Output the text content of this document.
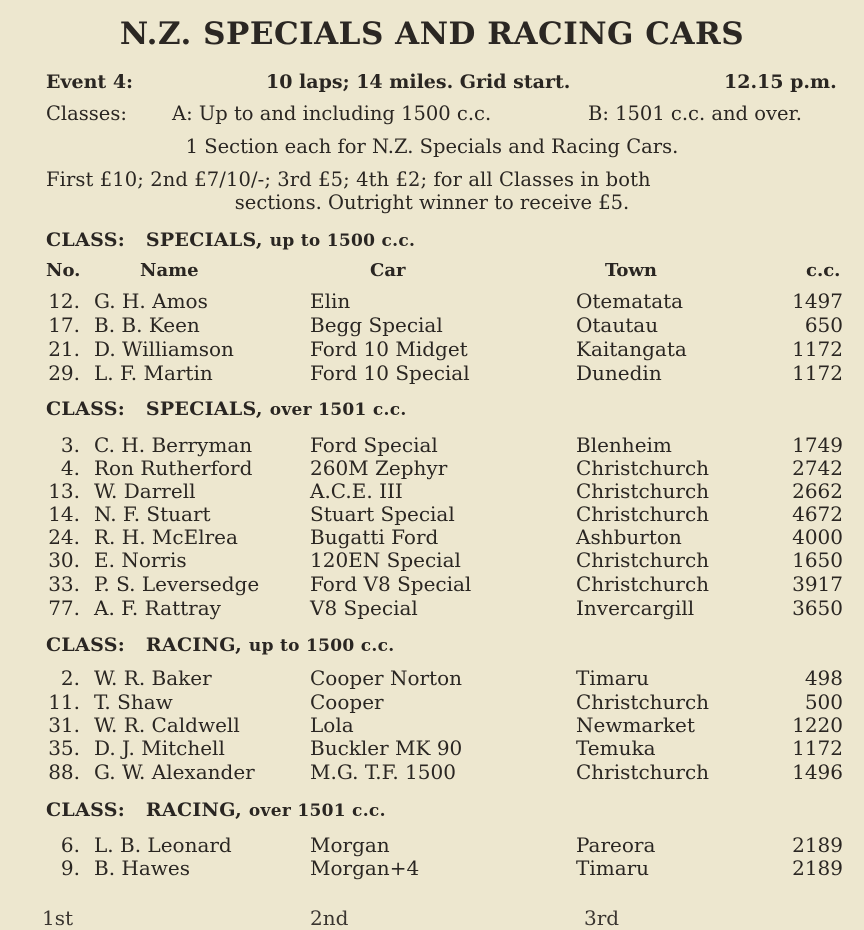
N.Z. SPECIALS AND RACING CARS
Event 4:	10 laps; 14 miles. Grid start.	12.15 p.m.
Classes: A: Up to and including 1500 c.c.	B: 1501 c.c. and over.
1 Section each for N.Z. Specials and Racing Cars.
First £10; 2nd £7/10/-; 3rd £5; 4th £2; for all Classes in both
sections. Outright winner to receive £5.
CLASS: SPECIALS, up to 1500 c.c.
No.	Name	Car	Town	c.c.
12. G. H. Amos	Elin	Otematata	1497
17. B. B. Keen	Begg Special	Otautau	650
21. D. Williamson	Ford 10 Midget	Kaitangata	1172
29. L. F. Martin	Ford 10 Special	Dunedin	1172
CLASS: SPECIALS, over 1501 c.c.
3. C. H. Berryman	Ford Special	Blenheim	1749
4. Ron Rutherford	260M Zephyr	Christchurch	2742
13. W. Darrell	A.C.E. III	Christchurch	2662
14. N. F. Stuart	Stuart Special	Christchurch	4672
24. R. H. McElrea	Bugatti Ford	Ashburton	4000
30. E. Norris	120EN Special	Christchurch	1650
33. P. S. Leversedge	Ford V8 Special	Christchurch	3917
77. A. F. Rattray	V8 Special	Invercargill	3650
CLASS: RACING, up to 1500 c.c.
2. W. R. Baker	Cooper Norton	Timaru	498
11. T. Shaw	Cooper	Christchurch	500
31. W. R. Caldwell	Lola	Newmarket	1220
35. D. J. Mitchell	Buckler MK 90	Temuka	1172
88. G. W. Alexander	M.G. T.F. 1500	Christchurch	1496
CLASS: RACING, over 1501 c.c.
6. L. B. Leonard	Morgan	Pareora	2189
9. B. Hawes	Morgan+4	Timaru	2189
1st	2nd	3rd
